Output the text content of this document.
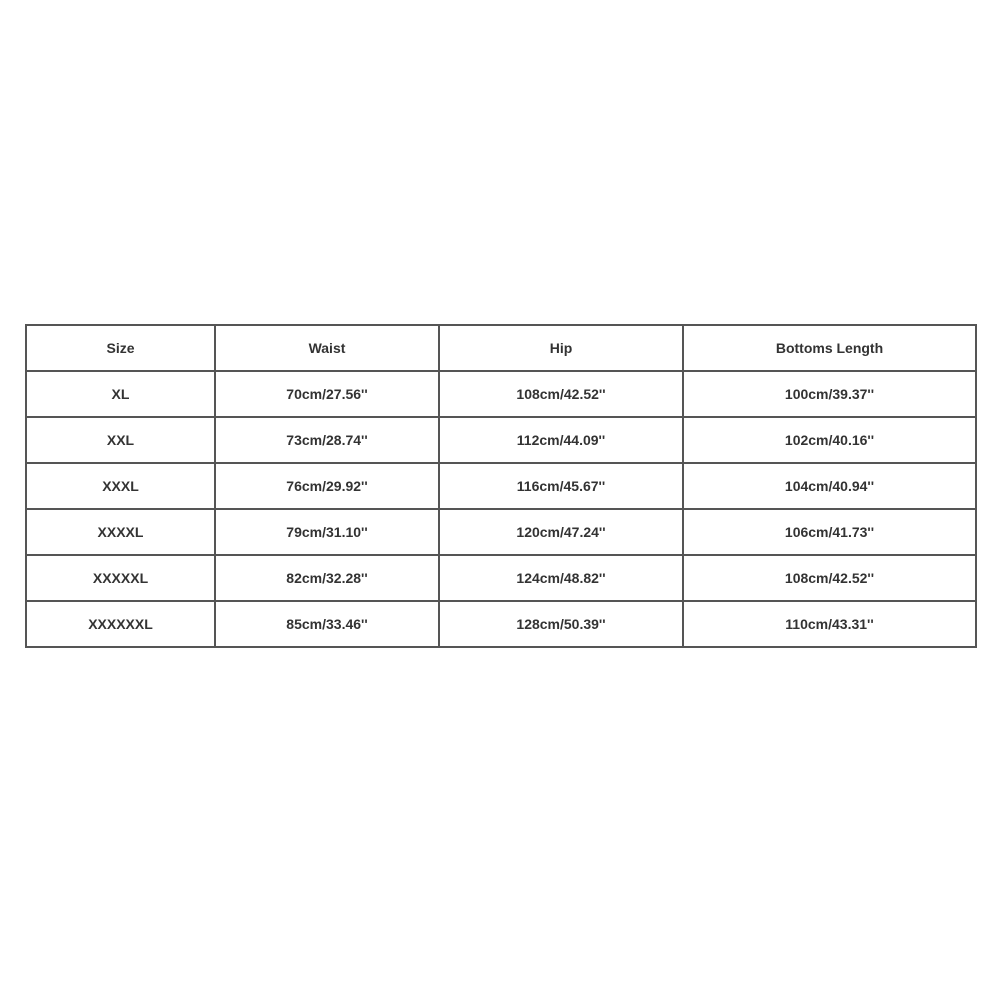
Size	Waist	Hip	Bottoms Length
XL	70cm/27.56''	108cm/42.52''	100cm/39.37''
XXL	73cm/28.74''	112cm/44.09''	102cm/40.16''
XXXL	76cm/29.92''	116cm/45.67''	104cm/40.94''
XXXXL	79cm/31.10''	120cm/47.24''	106cm/41.73''
XXXXXL	82cm/32.28''	124cm/48.82''	108cm/42.52''
XXXXXXL	85cm/33.46''	128cm/50.39''	110cm/43.31''
